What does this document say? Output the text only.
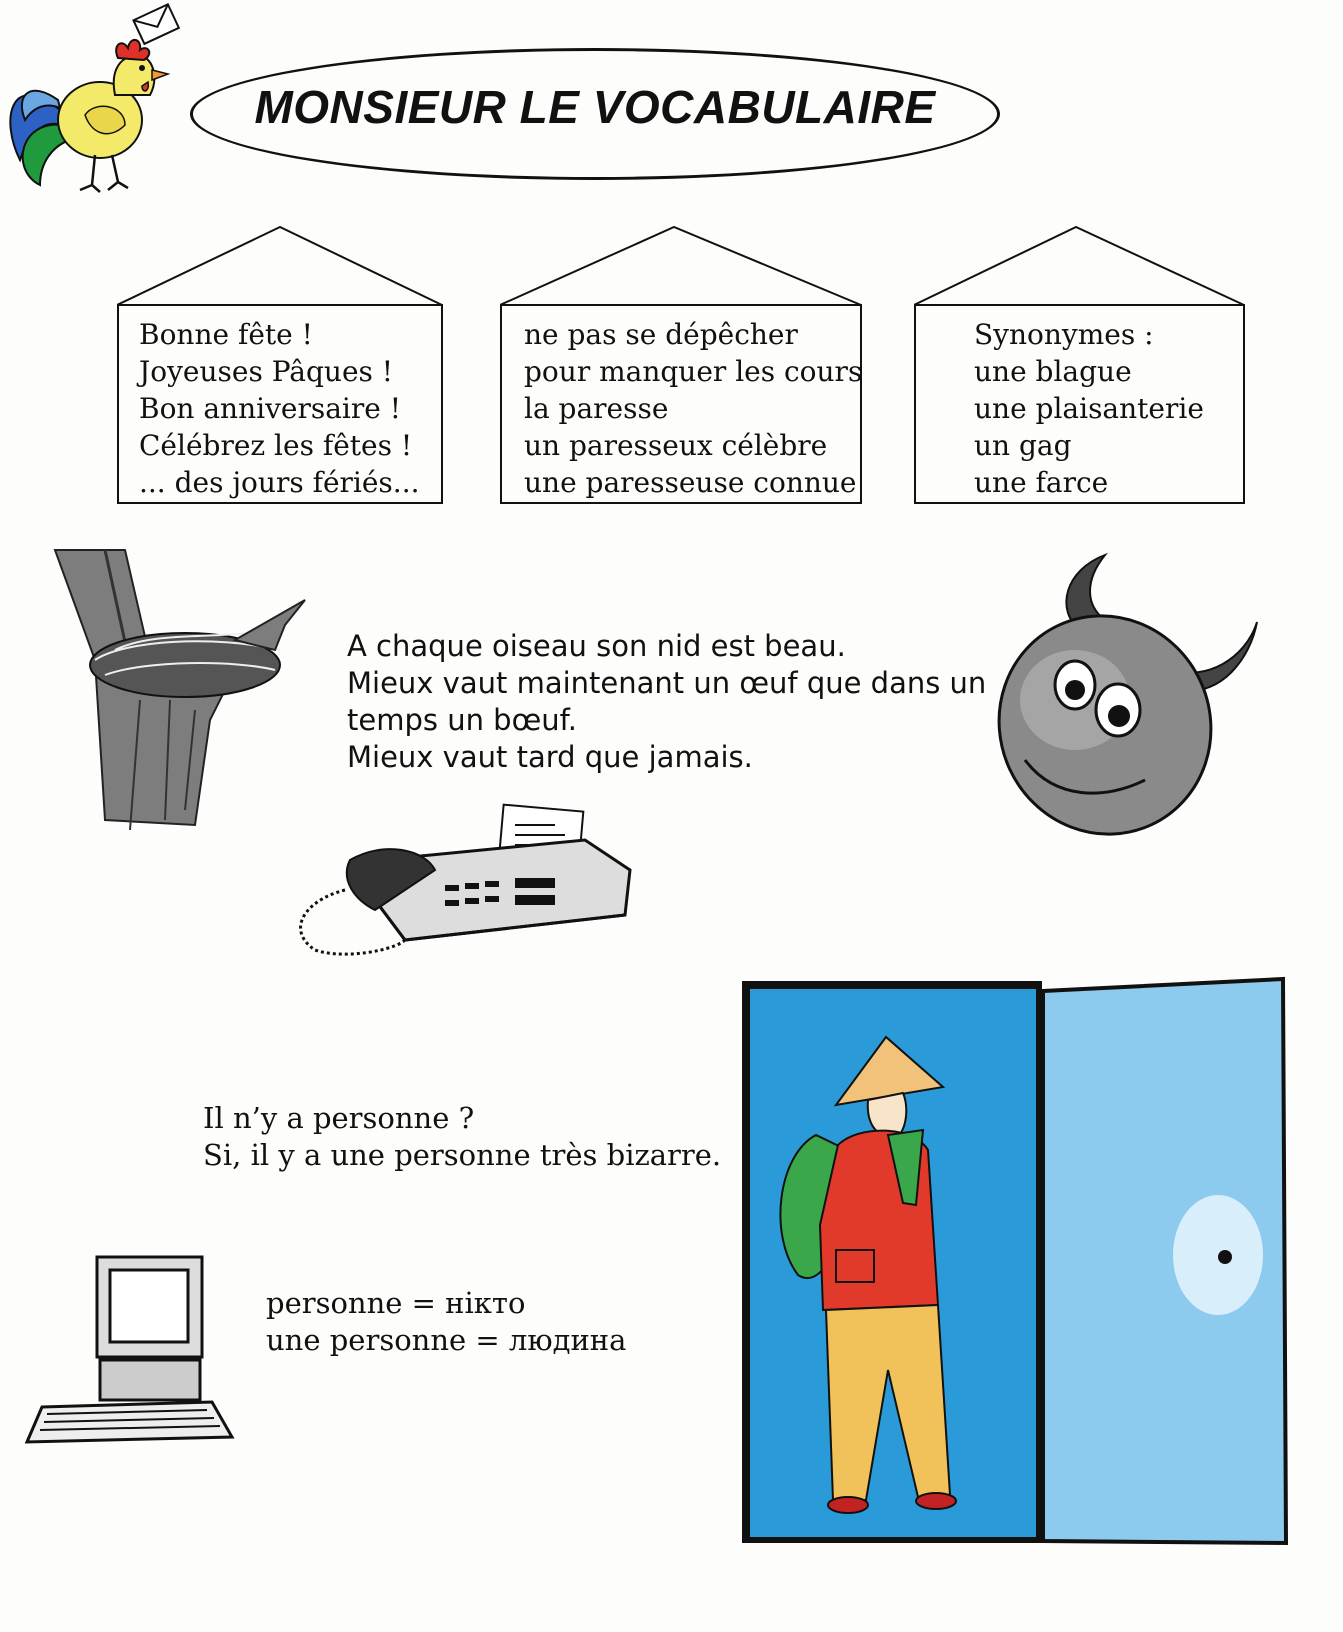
MONSIEUR LE VOCABULAIRE
Bonne fête !
Joyeuses Pâques !
Bon anniversaire !
Célébrez les fêtes !
... des jours fériés...
ne pas se dépêcher
pour manquer les cours
la paresse
un paresseux célèbre
une paresseuse connue
Synonymes :
une blague
une plaisanterie
un gag
une farce
A chaque oiseau son nid est beau.
Mieux vaut maintenant un œuf que dans un
temps un bœuf.
Mieux vaut tard que jamais.
Il n’y a personne ?
Si, il y a une personne très bizarre.
personne = нікто
une personne = людина
